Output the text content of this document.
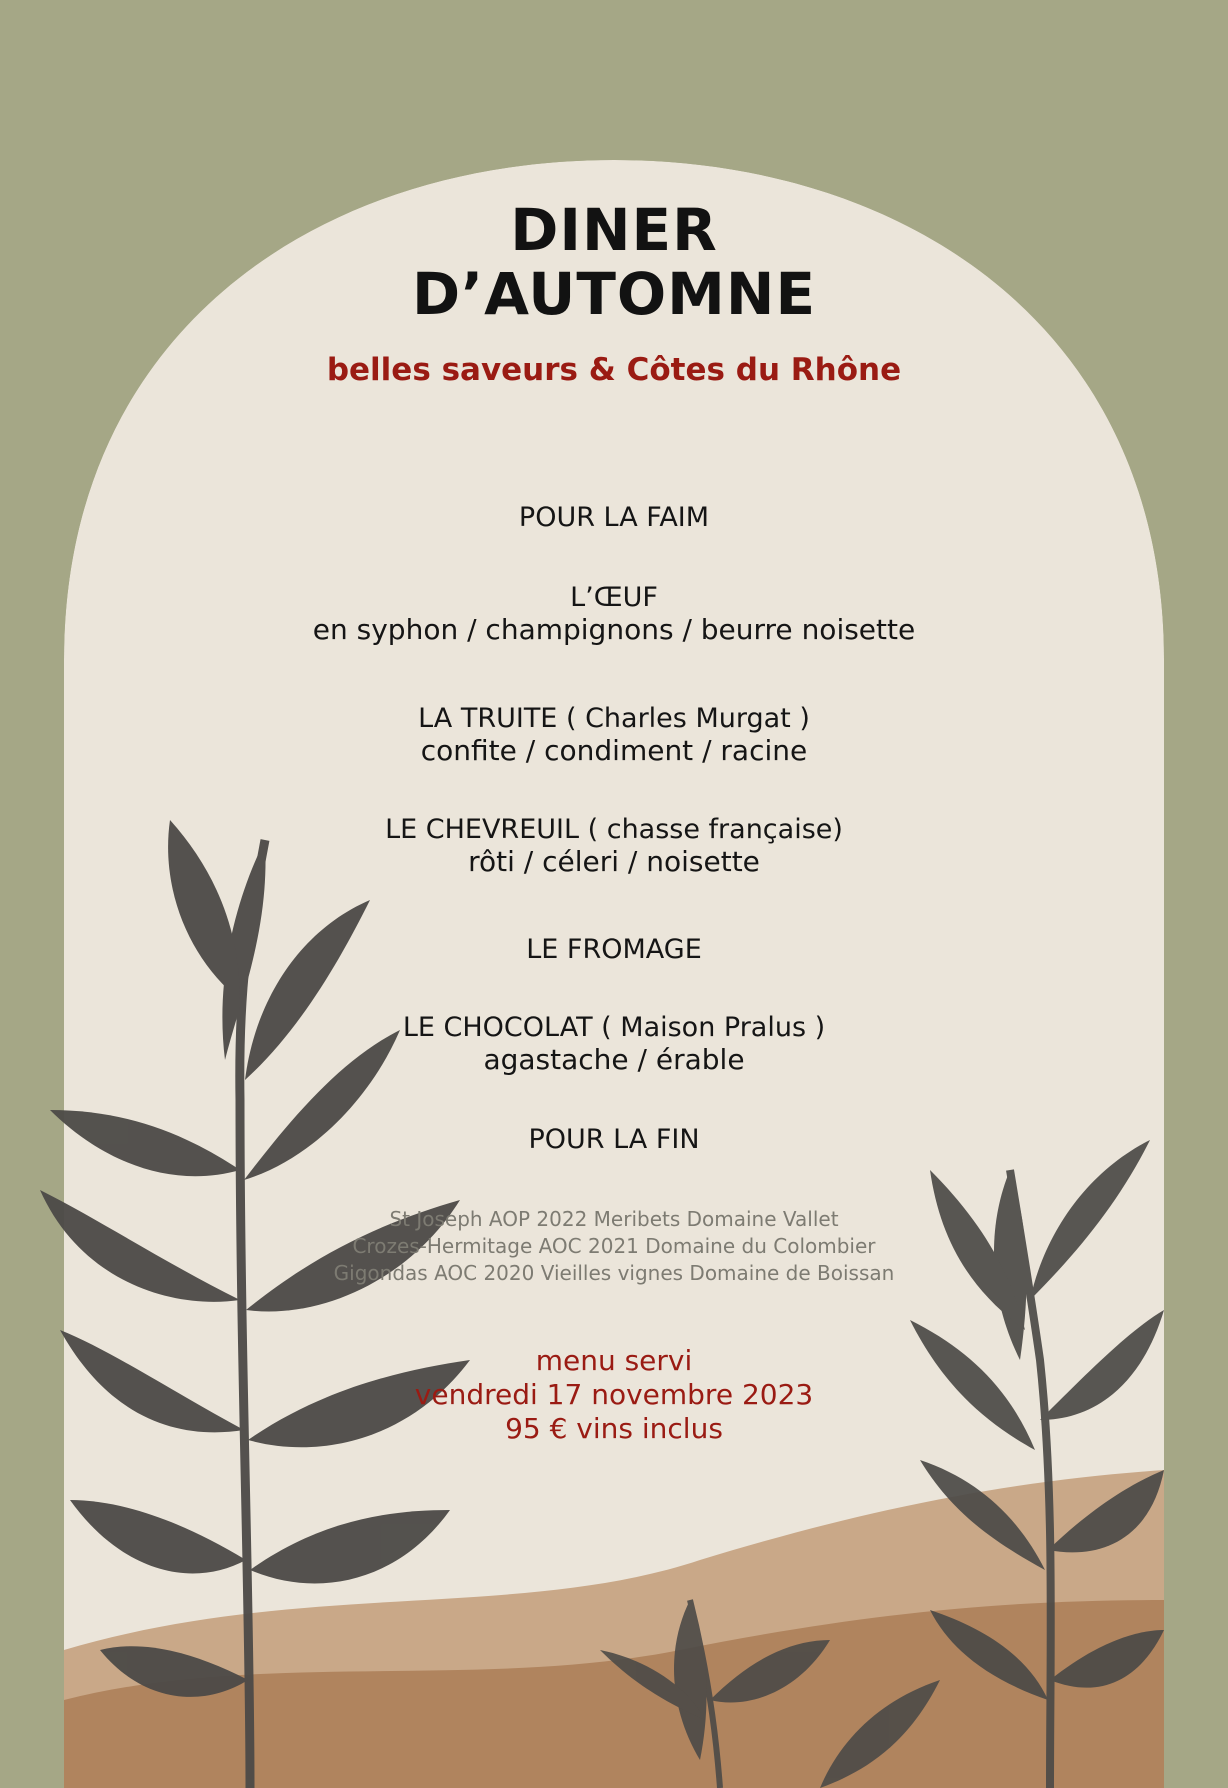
DINER
D’AUTOMNE
belles saveurs & Côtes du Rhône
POUR LA FAIM
L’ŒUF
en syphon / champignons / beurre noisette
LA TRUITE ( Charles Murgat )
confite / condiment / racine
LE CHEVREUIL ( chasse française)
rôti / céleri / noisette
LE FROMAGE
LE CHOCOLAT ( Maison Pralus )
agastache / érable
POUR LA FIN
St Joseph AOP 2022 Meribets Domaine Vallet
Crozes-Hermitage AOC 2021 Domaine du Colombier
Gigondas AOC 2020 Vieilles vignes Domaine de Boissan
menu servi
vendredi 17 novembre 2023
95 € vins inclus
